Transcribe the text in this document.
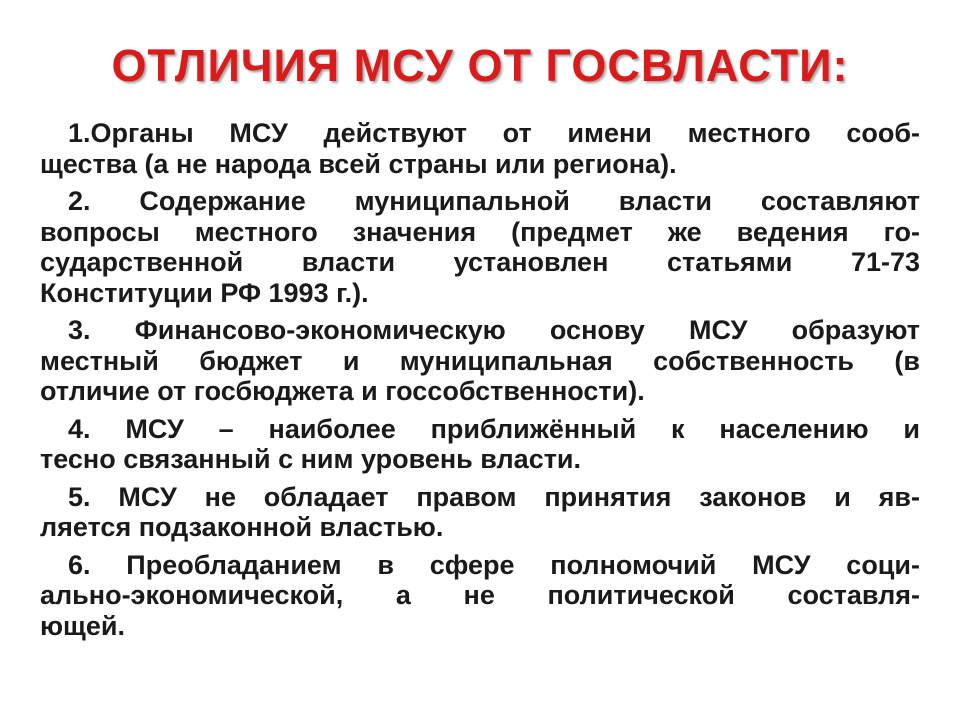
ОТЛИЧИЯ МСУ ОТ ГОСВЛАСТИ:
1.Органы МСУ действуют от имени местного сооб-
щества (а не народа всей страны или региона).
2. Содержание муниципальной власти составляют
вопросы местного значения (предмет же ведения го-
сударственной власти установлен статьями 71-73
Конституции РФ 1993 г.).
3. Финансово-экономическую основу МСУ образуют
местный бюджет и муниципальная собственность (в
отличие от госбюджета и госсобственности).
4. МСУ – наиболее приближённый к населению и
тесно связанный с ним уровень власти.
5. МСУ не обладает правом принятия законов и яв-
ляется подзаконной властью.
6. Преобладанием в сфере полномочий МСУ соци-
ально-экономической, а не политической составля-
ющей.
